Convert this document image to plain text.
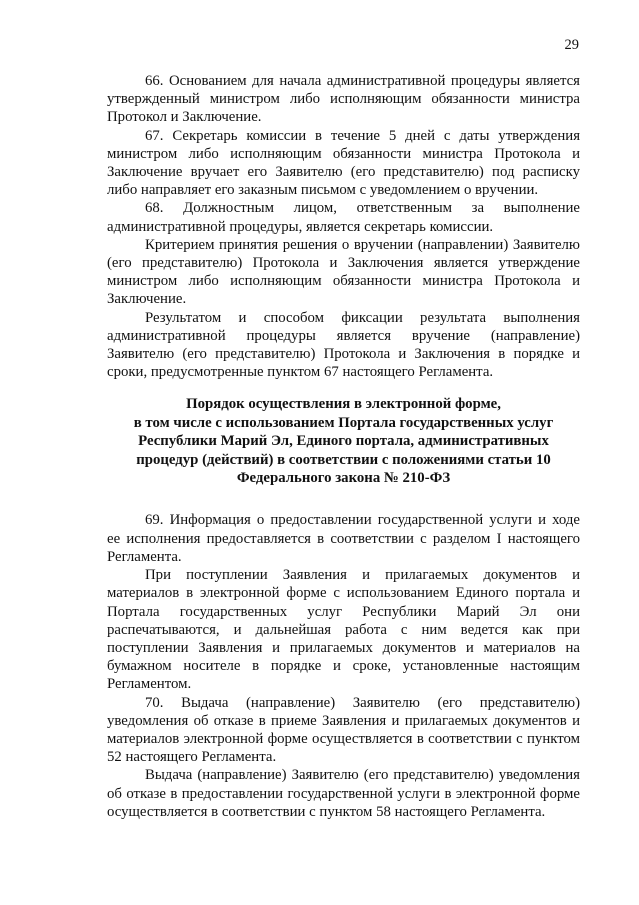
29

66. Основанием для начала административной процедуры является утвержденный министром либо исполняющим обязанности министра Протокол и Заключение.

67. Секретарь комиссии в течение 5 дней с даты утверждения министром либо исполняющим обязанности министра Протокола и Заключение вручает его Заявителю (его представителю) под расписку либо направляет его заказным письмом с уведомлением о вручении.

68. Должностным лицом, ответственным за выполнение административной процедуры, является секретарь комиссии.

Критерием принятия решения о вручении (направлении) Заявителю (его представителю) Протокола и Заключения является утверждение министром либо исполняющим обязанности министра Протокола и Заключение.

Результатом и способом фиксации результата выполнения административной процедуры является вручение (направление) Заявителю (его представителю) Протокола и Заключения в порядке и сроки, предусмотренные пунктом 67 настоящего Регламента.

Порядок осуществления в электронной форме,
в том числе с использованием Портала государственных услуг
Республики Марий Эл, Единого портала, административных
процедур (действий) в соответствии с положениями статьи 10
Федерального закона № 210-ФЗ

69. Информация о предоставлении государственной услуги и ходе ее исполнения предоставляется в соответствии с разделом I настоящего Регламента.

При поступлении Заявления и прилагаемых документов и материалов в электронной форме с использованием Единого портала и Портала государственных услуг Республики Марий Эл они распечатываются, и дальнейшая работа с ним ведется как при поступлении Заявления и прилагаемых документов и материалов на бумажном носителе в порядке и сроке, установленные настоящим Регламентом.

70. Выдача (направление) Заявителю (его представителю) уведомления об отказе в приеме Заявления и прилагаемых документов и материалов электронной форме осуществляется в соответствии с пунктом 52 настоящего Регламента.

Выдача (направление) Заявителю (его представителю) уведомления об отказе в предоставлении государственной услуги в электронной форме осуществляется в соответствии с пунктом 58 настоящего Регламента.
